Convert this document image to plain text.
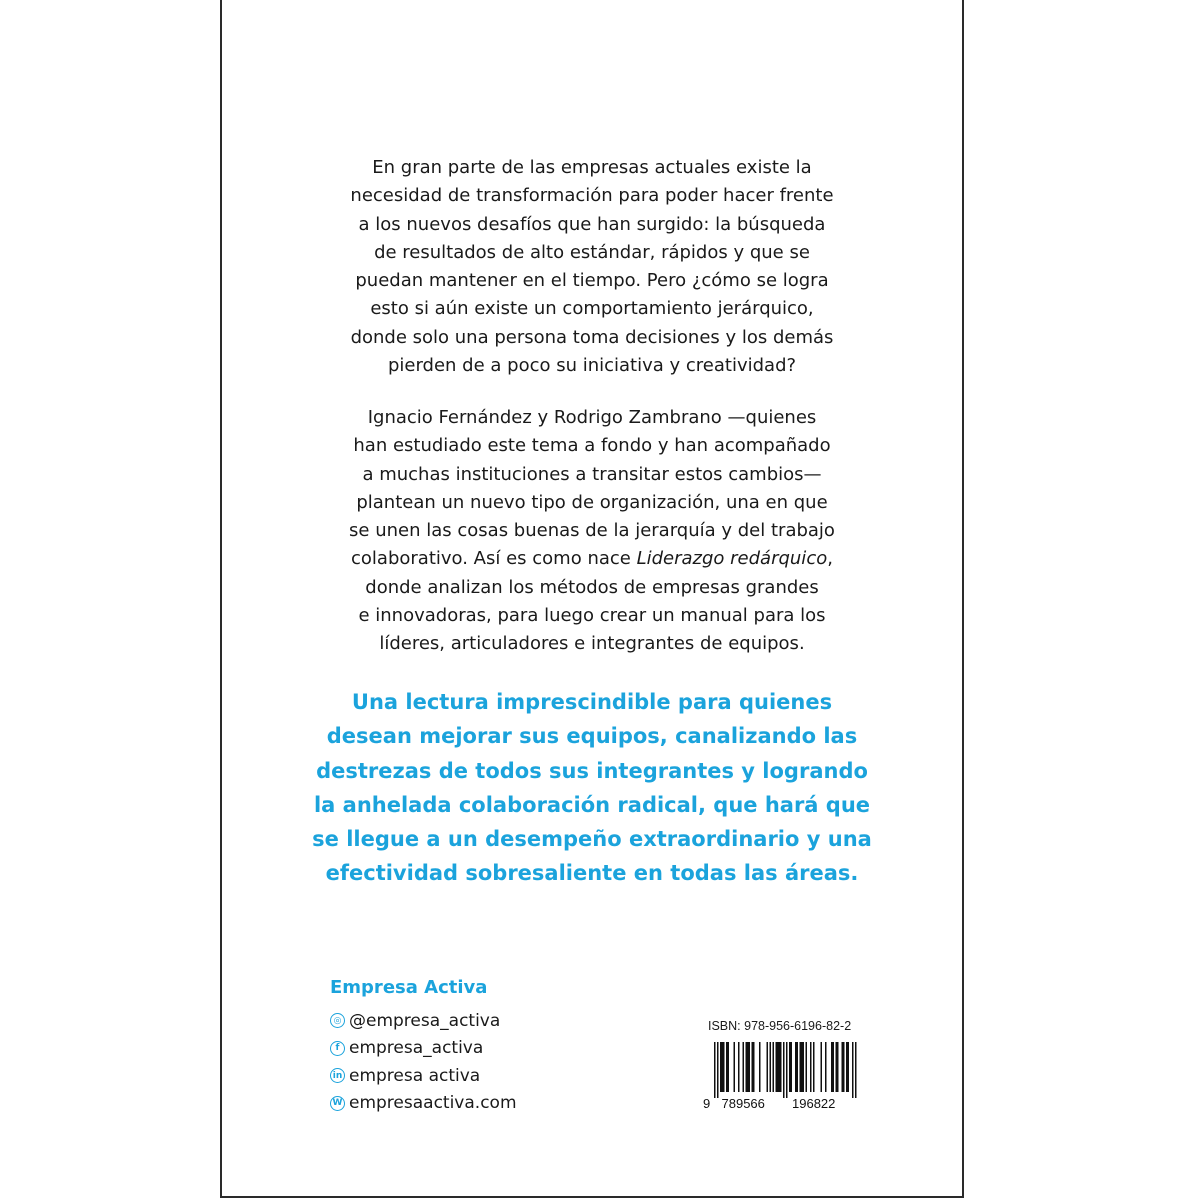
En gran parte de las empresas actuales existe la
necesidad de transformación para poder hacer frente
a los nuevos desafíos que han surgido: la búsqueda
de resultados de alto estándar, rápidos y que se
puedan mantener en el tiempo. Pero ¿cómo se logra
esto si aún existe un comportamiento jerárquico,
donde solo una persona toma decisiones y los demás
pierden de a poco su iniciativa y creatividad?
Ignacio Fernández y Rodrigo Zambrano —quienes
han estudiado este tema a fondo y han acompañado
a muchas instituciones a transitar estos cambios—
plantean un nuevo tipo de organización, una en que
se unen las cosas buenas de la jerarquía y del trabajo
colaborativo. Así es como nace Liderazgo redárquico,
donde analizan los métodos de empresas grandes
e innovadoras, para luego crear un manual para los
líderes, articuladores e integrantes de equipos.
Una lectura imprescindible para quienes
desean mejorar sus equipos, canalizando las
destrezas de todos sus integrantes y logrando
la anhelada colaboración radical, que hará que
se llegue a un desempeño extraordinario y una
efectividad sobresaliente en todas las áreas.
Empresa Activa
◎ @empresa_activa
f empresa_activa
in empresa activa
W empresaactiva.com
ISBN: 978-956-6196-82-2
9 789566 196822
